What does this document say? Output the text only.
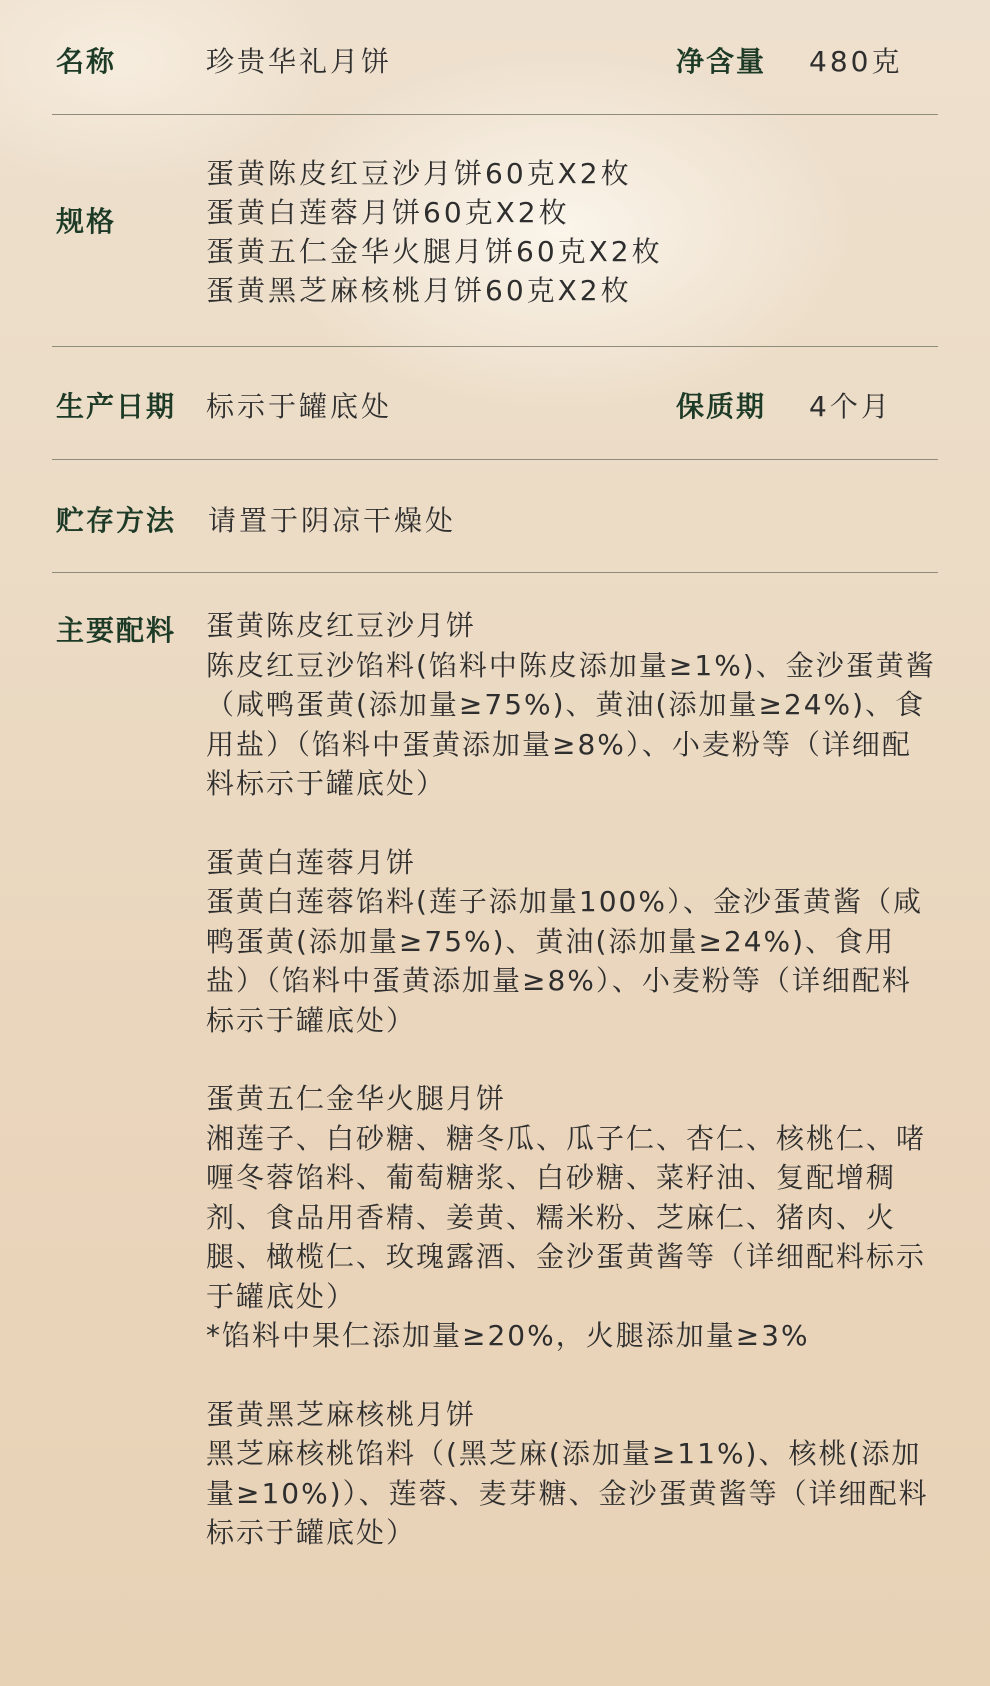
名称	珍贵华礼月饼	净含量 480克
规格
蛋黄陈皮红豆沙月饼60克X2枚
蛋黄白莲蓉月饼60克X2枚
蛋黄五仁金华火腿月饼60克X2枚
蛋黄黑芝麻核桃月饼60克X2枚
生产日期 标示于罐底处	保质期 4个月
贮存方法 请置于阴凉干燥处
主要配料 蛋黄陈皮红豆沙月饼

陈皮红豆沙馅料(馅料中陈皮添加量≥1%)、金沙蛋黄酱（咸鸭蛋黄(添加量≥75%)、黄油(添加量≥24%)、食用盐）（馅料中蛋黄添加量≥8%）、小麦粉等（详细配料标示于罐底处）

蛋黄白莲蓉月饼

蛋黄白莲蓉馅料(莲子添加量100%）、金沙蛋黄酱（咸鸭蛋黄(添加量≥75%)、黄油(添加量≥24%)、食用盐）（馅料中蛋黄添加量≥8%）、小麦粉等（详细配料标示于罐底处）

蛋黄五仁金华火腿月饼

湘莲子、白砂糖、糖冬瓜、瓜子仁、杏仁、核桃仁、啫喱冬蓉馅料、葡萄糖浆、白砂糖、菜籽油、复配增稠剂、食品用香精、姜黄、糯米粉、芝麻仁、猪肉、火腿、橄榄仁、玫瑰露酒、金沙蛋黄酱等（详细配料标示于罐底处）

*馅料中果仁添加量≥20%，火腿添加量≥3%

蛋黄黑芝麻核桃月饼

黑芝麻核桃馅料（(黑芝麻(添加量≥11%)、核桃(添加量≥10%)）、莲蓉、麦芽糖、金沙蛋黄酱等（详细配料标示于罐底处）
